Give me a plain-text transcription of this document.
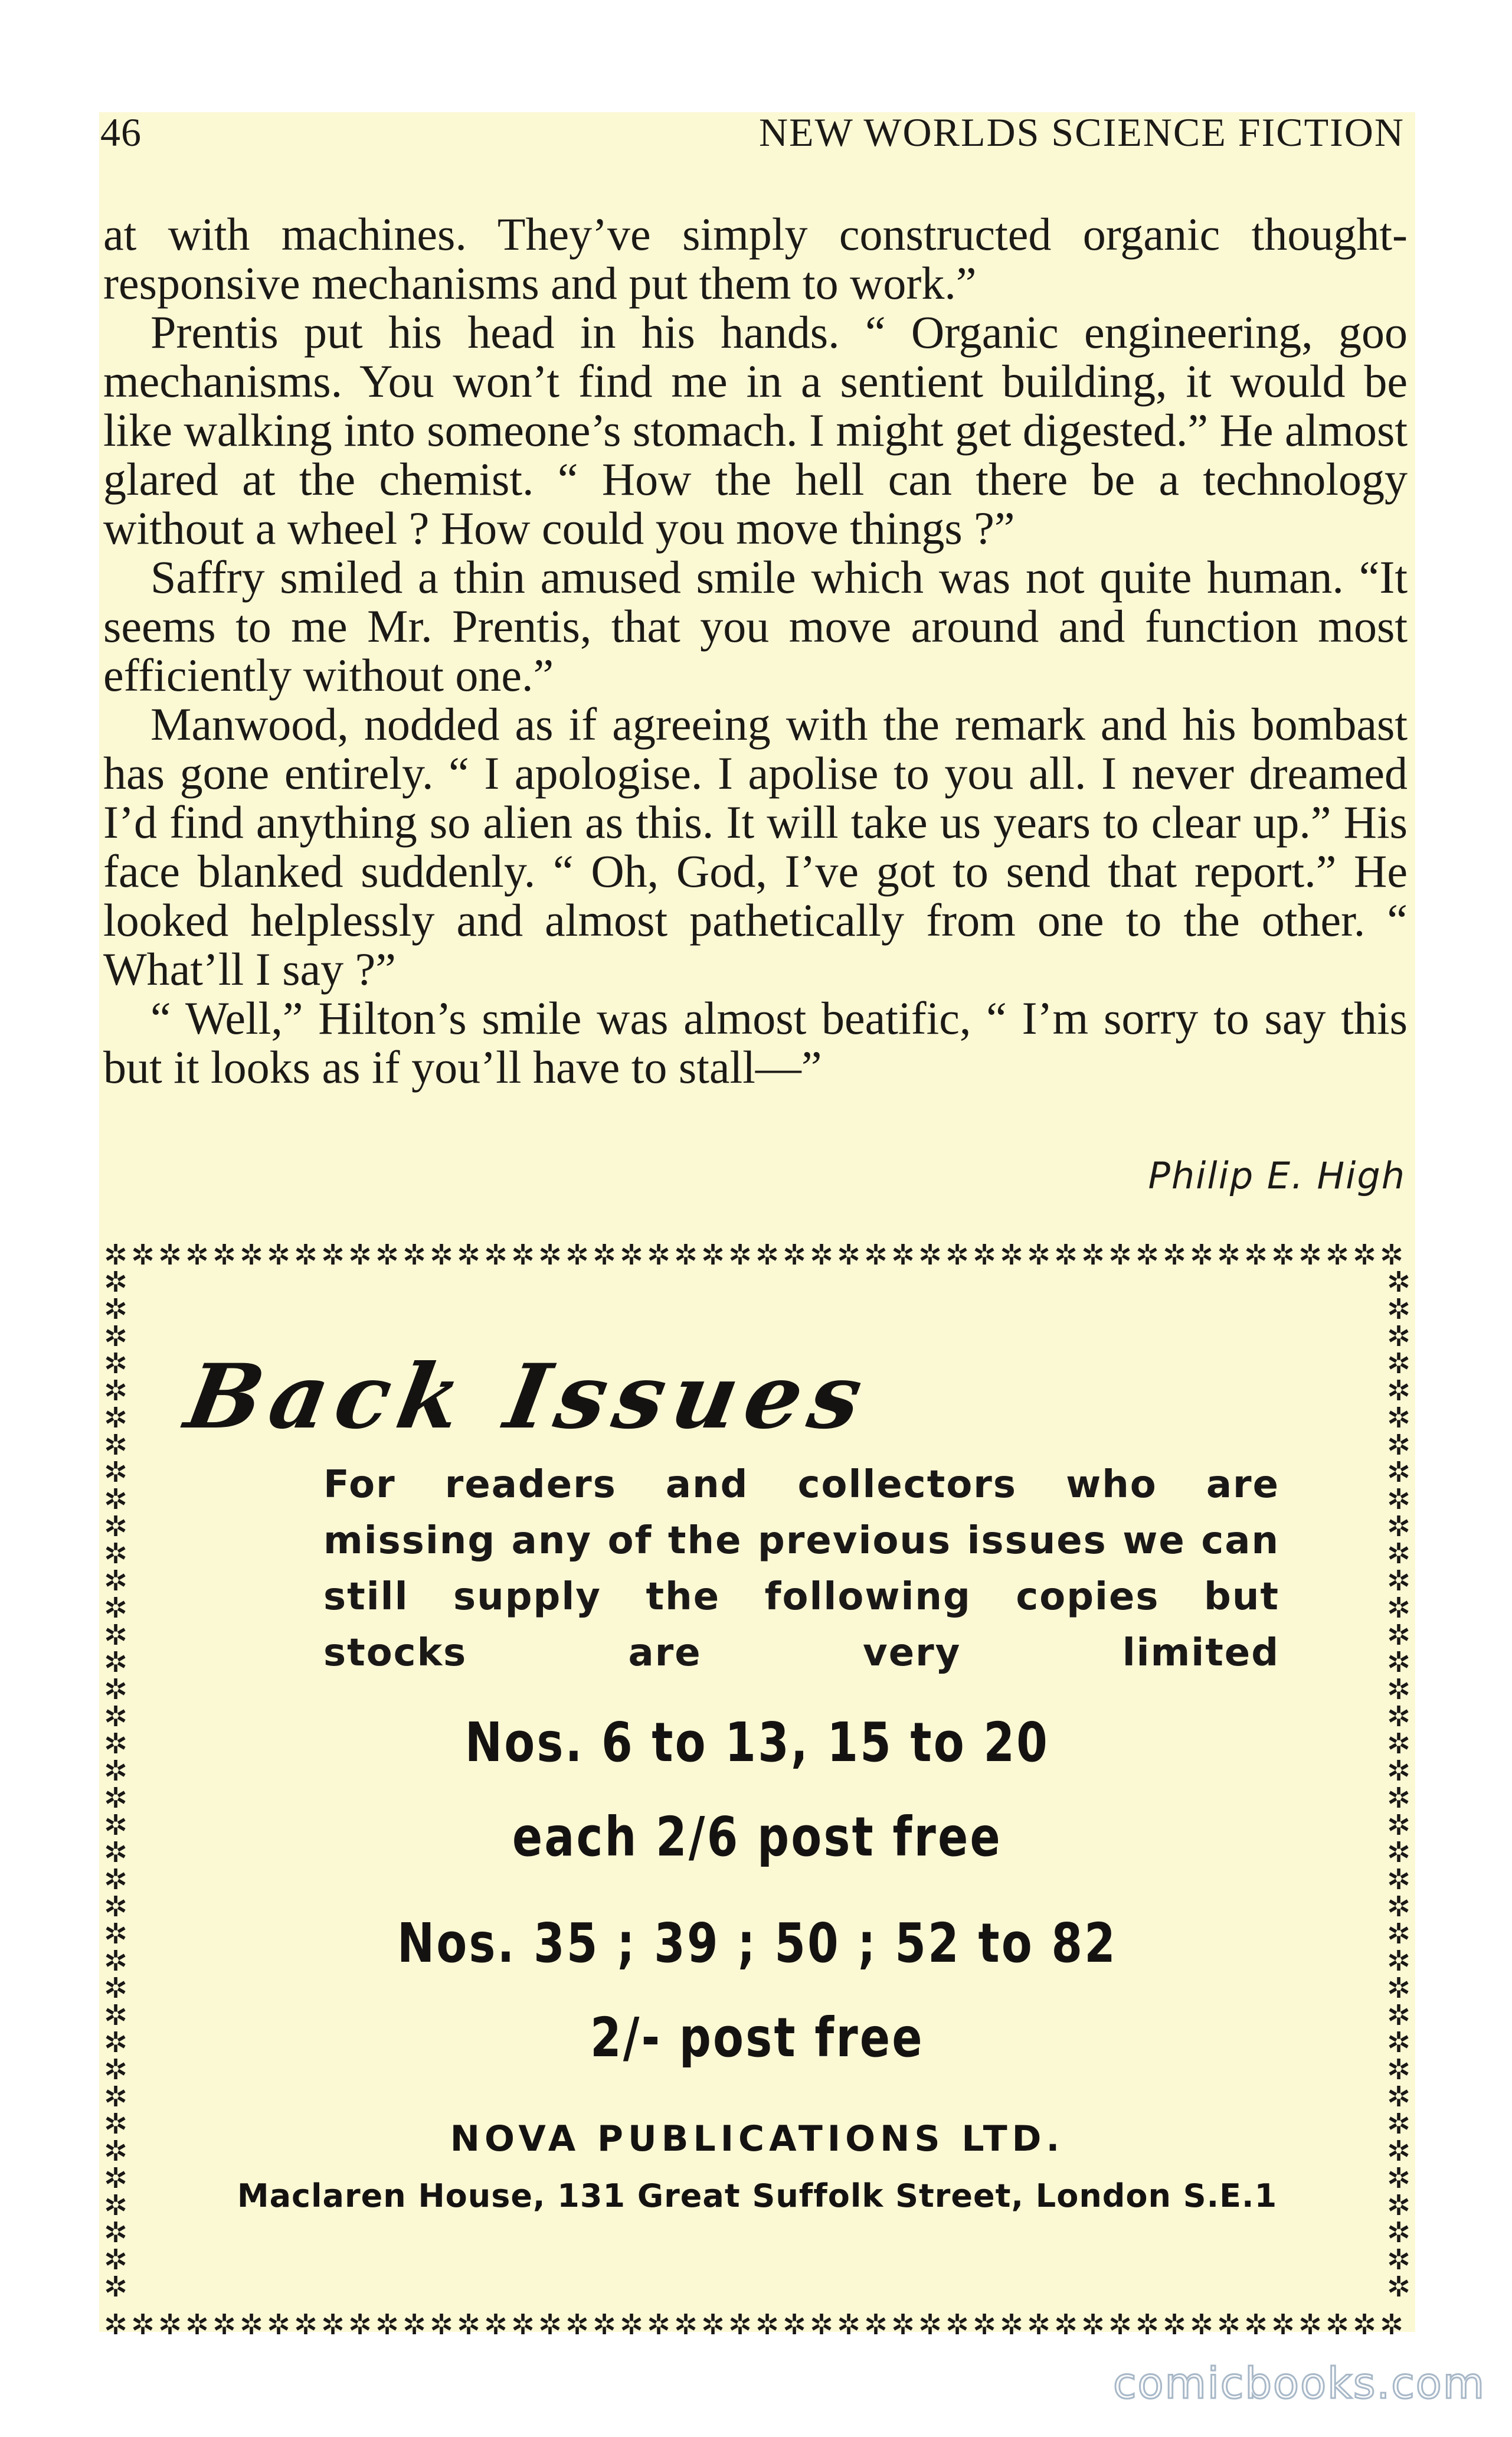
46	NEW WORLDS SCIENCE FICTION

at with machines. They’ve simply constructed organic thought-responsive mechanisms and put them to work.”

Prentis put his head in his hands. “ Organic engineering, goo mechanisms. You won’t find me in a sentient building, it would be like walking into someone’s stomach. I might get digested.” He almost glared at the chemist. “ How the hell can there be a technology without a wheel ? How could you move things ?”

Saffry smiled a thin amused smile which was not quite human. “It seems to me Mr. Prentis, that you move around and function most efficiently without one.”

Manwood, nodded as if agreeing with the remark and his bombast has gone entirely. “ I apologise. I apolise to you all. I never dreamed I’d find anything so alien as this. It will take us years to clear up.” His face blanked suddenly. “ Oh, God, I’ve got to send that report.” He looked helplessly and almost pathetically from one to the other. “ What’ll I say ?”

“ Well,” Hilton’s smile was almost beatific, “ I’m sorry to say this but it looks as if you’ll have to stall—”

Philip E. High
✲
✲
✲
✲
✲
✲
✲
✲
✲
✲
✲
✲
✲
✲
✲
✲
✲
✲
✲
✲
✲
✲
✲
✲
✲
✲
✲
✲
✲
✲
✲
✲
✲
✲
✲
✲
✲
✲
✲
✲
✲
✲
✲
✲
✲
✲
✲
✲
✲
✲
✲
✲
✲
✲
✲
✲
✲
✲
✲
✲
✲
✲
✲
✲
✲
✲
✲
✲
✲
✲
✲
✲
✲
✲
✲
✲
✲
✲
✲
✲
✲
✲
✲
✲
✲
✲
✲
✲
✲
✲
✲
✲
✲
✲
✲
✲
✲	✲
✲	✲
✲	✲
✲	✲
✲	✲
✲	✲
✲	✲
✲	✲
✲	✲
✲	✲
✲	✲
✲	✲
✲	✲
✲	✲
✲	✲
✲	✲
✲	✲
✲	✲
✲	✲
✲	✲
✲	✲
✲	✲
✲	✲
✲	✲
✲	✲
✲	✲
✲	✲
✲	✲
✲	✲
✲	✲
✲	✲
✲	✲
✲	✲
✲	✲
✲	✲
✲	✲
✲	✲
✲	✲
Back Issues
For readers and collectors who are missing any of the previous issues we can still supply the following copies but stocks are very limited
Nos. 6 to 13, 15 to 20
each 2/6 post free
Nos. 35 ; 39 ; 50 ; 52 to 82
2/- post free
NOVA PUBLICATIONS LTD.
Maclaren House, 131 Great Suffolk Street, London S.E.1
comicbooks.com
